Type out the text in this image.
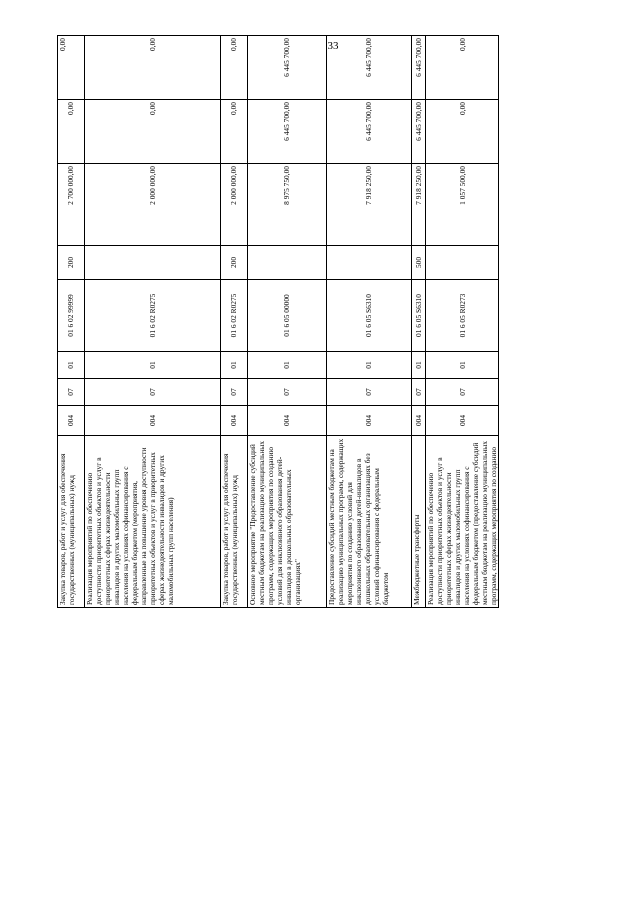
33
Закупка товаров, работ и услуг для обеспечения государственных (муниципальных) нужд	004	07	01	01 6 02 99999	200	2 700 000,00	0,00	0,00
Реализация мероприятий по обеспечению доступности приоритетных объектов и услуг в приоритетных сферах жизнедеятельности инвалидов и других маломобильных групп населения на условиях софинансирования с федеральным бюджетом (мероприятия, направленные на повышение уровня доступности приоритетных объектов и услуг в приоритетных сферах жизнедеятельности инвалидов и других маломобильных групп населения)	004	07	01	01 6 02 R0275		2 000 000,00	0,00	0,00
Закупка товаров, работ и услуг для обеспечения государственных (муниципальных) нужд	004	07	01	01 6 02 R0275	200	2 000 000,00	0,00	0,00
Основное мероприятие "Предоставление субсидий местным бюджетам на реализацию муниципальных программ, содержащих мероприятия по созданию условий для инклюзивного образования детей-инвалидов в дошкольных образовательных организациях"	004	07	01	01 6 05 00000		8 975 750,00	6 445 700,00	6 445 700,00
Предоставление субсидий местным бюджетам на реализацию муниципальных программ, содержащих мероприятия по созданию условий для инклюзивного образования детей-инвалидов в дошкольных образовательных организациях без условий софинансирования с федеральным бюджетом	004	07	01	01 6 05 S6310		7 918 250,00	6 445 700,00	6 445 700,00
Межбюджетные трансферты	004	07	01	01 6 05 S6310	500	7 918 250,00	6 445 700,00	6 445 700,00
Реализация мероприятий по обеспечению доступности приоритетных объектов и услуг в приоритетных сферах жизнедеятельности инвалидов и других маломобильных групп населения на условиях софинансирования с федеральным бюджетом (предоставление субсидий местным бюджетам на реализацию муниципальных программ, содержащих мероприятия по созданию	004	07	01	01 6 05 R0273		1 057 500,00	0,00	0,00
